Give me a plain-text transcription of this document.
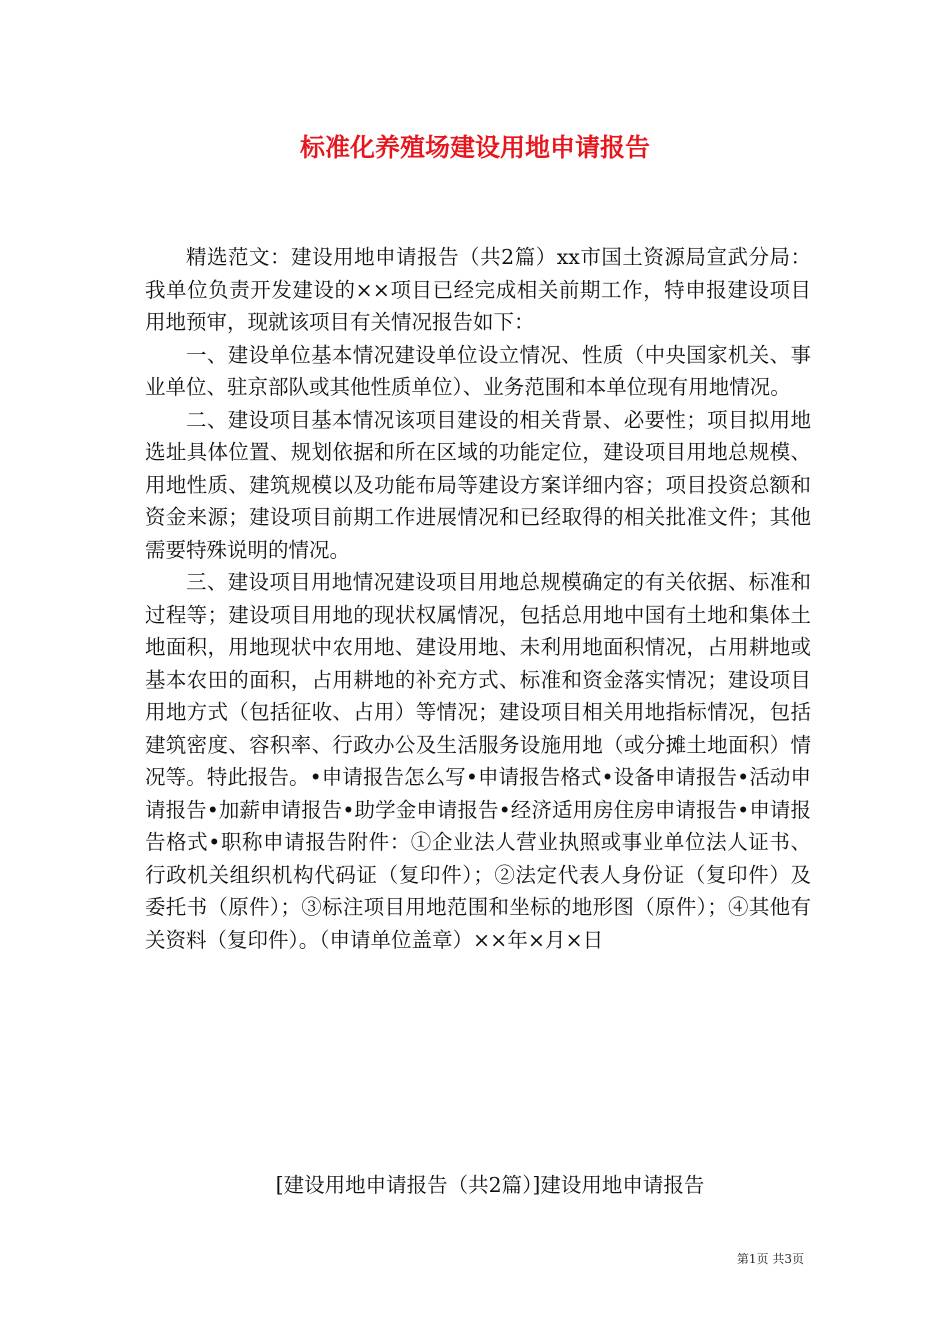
标准化养殖场建设用地申请报告

精选范文：建设用地申请报告（共2篇）xx市国土资源局宣武分局：我单位负责开发建设的××项目已经完成相关前期工作，特申报建设项目用地预审，现就该项目有关情况报告如下：

一、建设单位基本情况建设单位设立情况、性质（中央国家机关、事业单位、驻京部队或其他性质单位）、业务范围和本单位现有用地情况。

二、建设项目基本情况该项目建设的相关背景、必要性；项目拟用地选址具体位置、规划依据和所在区域的功能定位，建设项目用地总规模、用地性质、建筑规模以及功能布局等建设方案详细内容；项目投资总额和资金来源；建设项目前期工作进展情况和已经取得的相关批准文件；其他需要特殊说明的情况。

三、建设项目用地情况建设项目用地总规模确定的有关依据、标准和过程等；建设项目用地的现状权属情况，包括总用地中国有土地和集体土地面积，用地现状中农用地、建设用地、未利用地面积情况，占用耕地或基本农田的面积，占用耕地的补充方式、标准和资金落实情况；建设项目用地方式（包括征收、占用）等情况；建设项目相关用地指标情况，包括建筑密度、容积率、行政办公及生活服务设施用地（或分摊土地面积）情况等。特此报告。•申请报告怎么写•申请报告格式•设备申请报告•活动申请报告•加薪申请报告•助学金申请报告•经济适用房住房申请报告•申请报告格式•职称申请报告附件：①企业法人营业执照或事业单位法人证书、行政机关组织机构代码证（复印件）；②法定代表人身份证（复印件）及委托书（原件）；③标注项目用地范围和坐标的地形图（原件）；④其他有关资料（复印件）。（申请单位盖章）××年×月×日

[建设用地申请报告（共2篇）]建设用地申请报告
第1页 共3页
